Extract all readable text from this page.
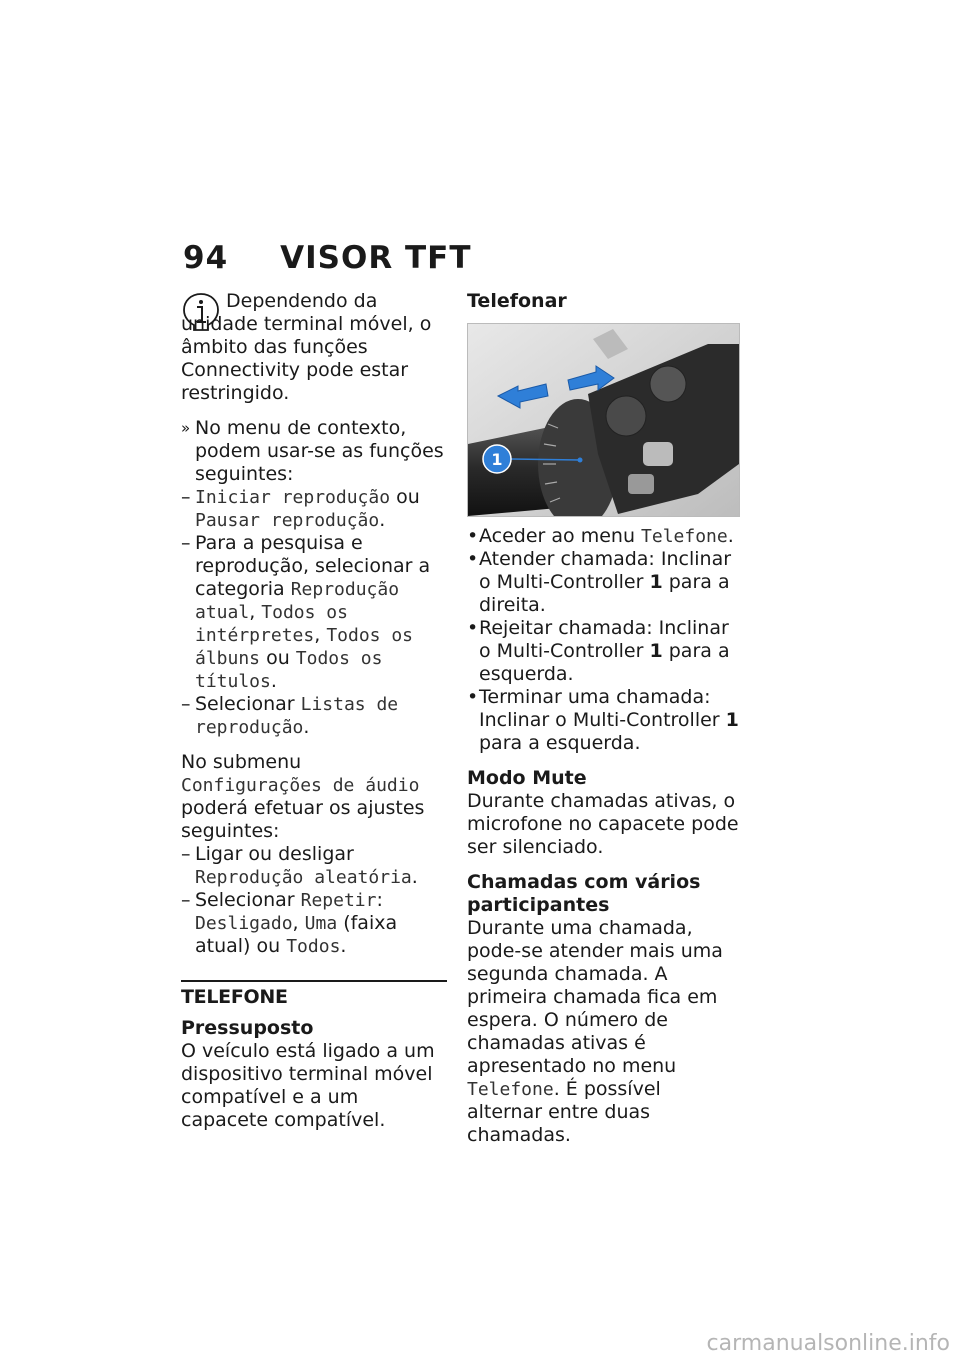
94 VISOR TFT

Dependendo da unidade terminal móvel, o âmbito das funções Connectivity pode estar restringido.

» No menu de contexto, podem usar-se as funções seguintes:

– Iniciar reprodução ou Pausar reprodução.

– Para a pesquisa e reprodução, selecionar a categoria Reprodução atual, Todos os intérpretes, Todos os álbuns ou Todos os títulos.

– Selecionar Listas de reprodução.

No submenu Configurações de áudio poderá efetuar os ajustes seguintes:

– Ligar ou desligar Reprodução aleatória.

– Selecionar Repetir: Desligado, Uma (faixa atual) ou Todos.

TELEFONE

Pressuposto

O veículo está ligado a um dispositivo terminal móvel compatível e a um capacete compatível.

Telefonar

1

• Aceder ao menu Telefone.

• Atender chamada: Inclinar o Multi-Controller 1 para a direita.

• Rejeitar chamada: Inclinar o Multi-Controller 1 para a esquerda.

• Terminar uma chamada: Inclinar o Multi-Controller 1 para a esquerda.

Modo Mute

Durante chamadas ativas, o microfone no capacete pode ser silenciado.

Chamadas com vários participantes

Durante uma chamada, pode-se atender mais uma segunda chamada. A primeira chamada fica em espera. O número de chamadas ativas é apresentado no menu Telefone. É possível alternar entre duas chamadas.

carmanualsonline.info
